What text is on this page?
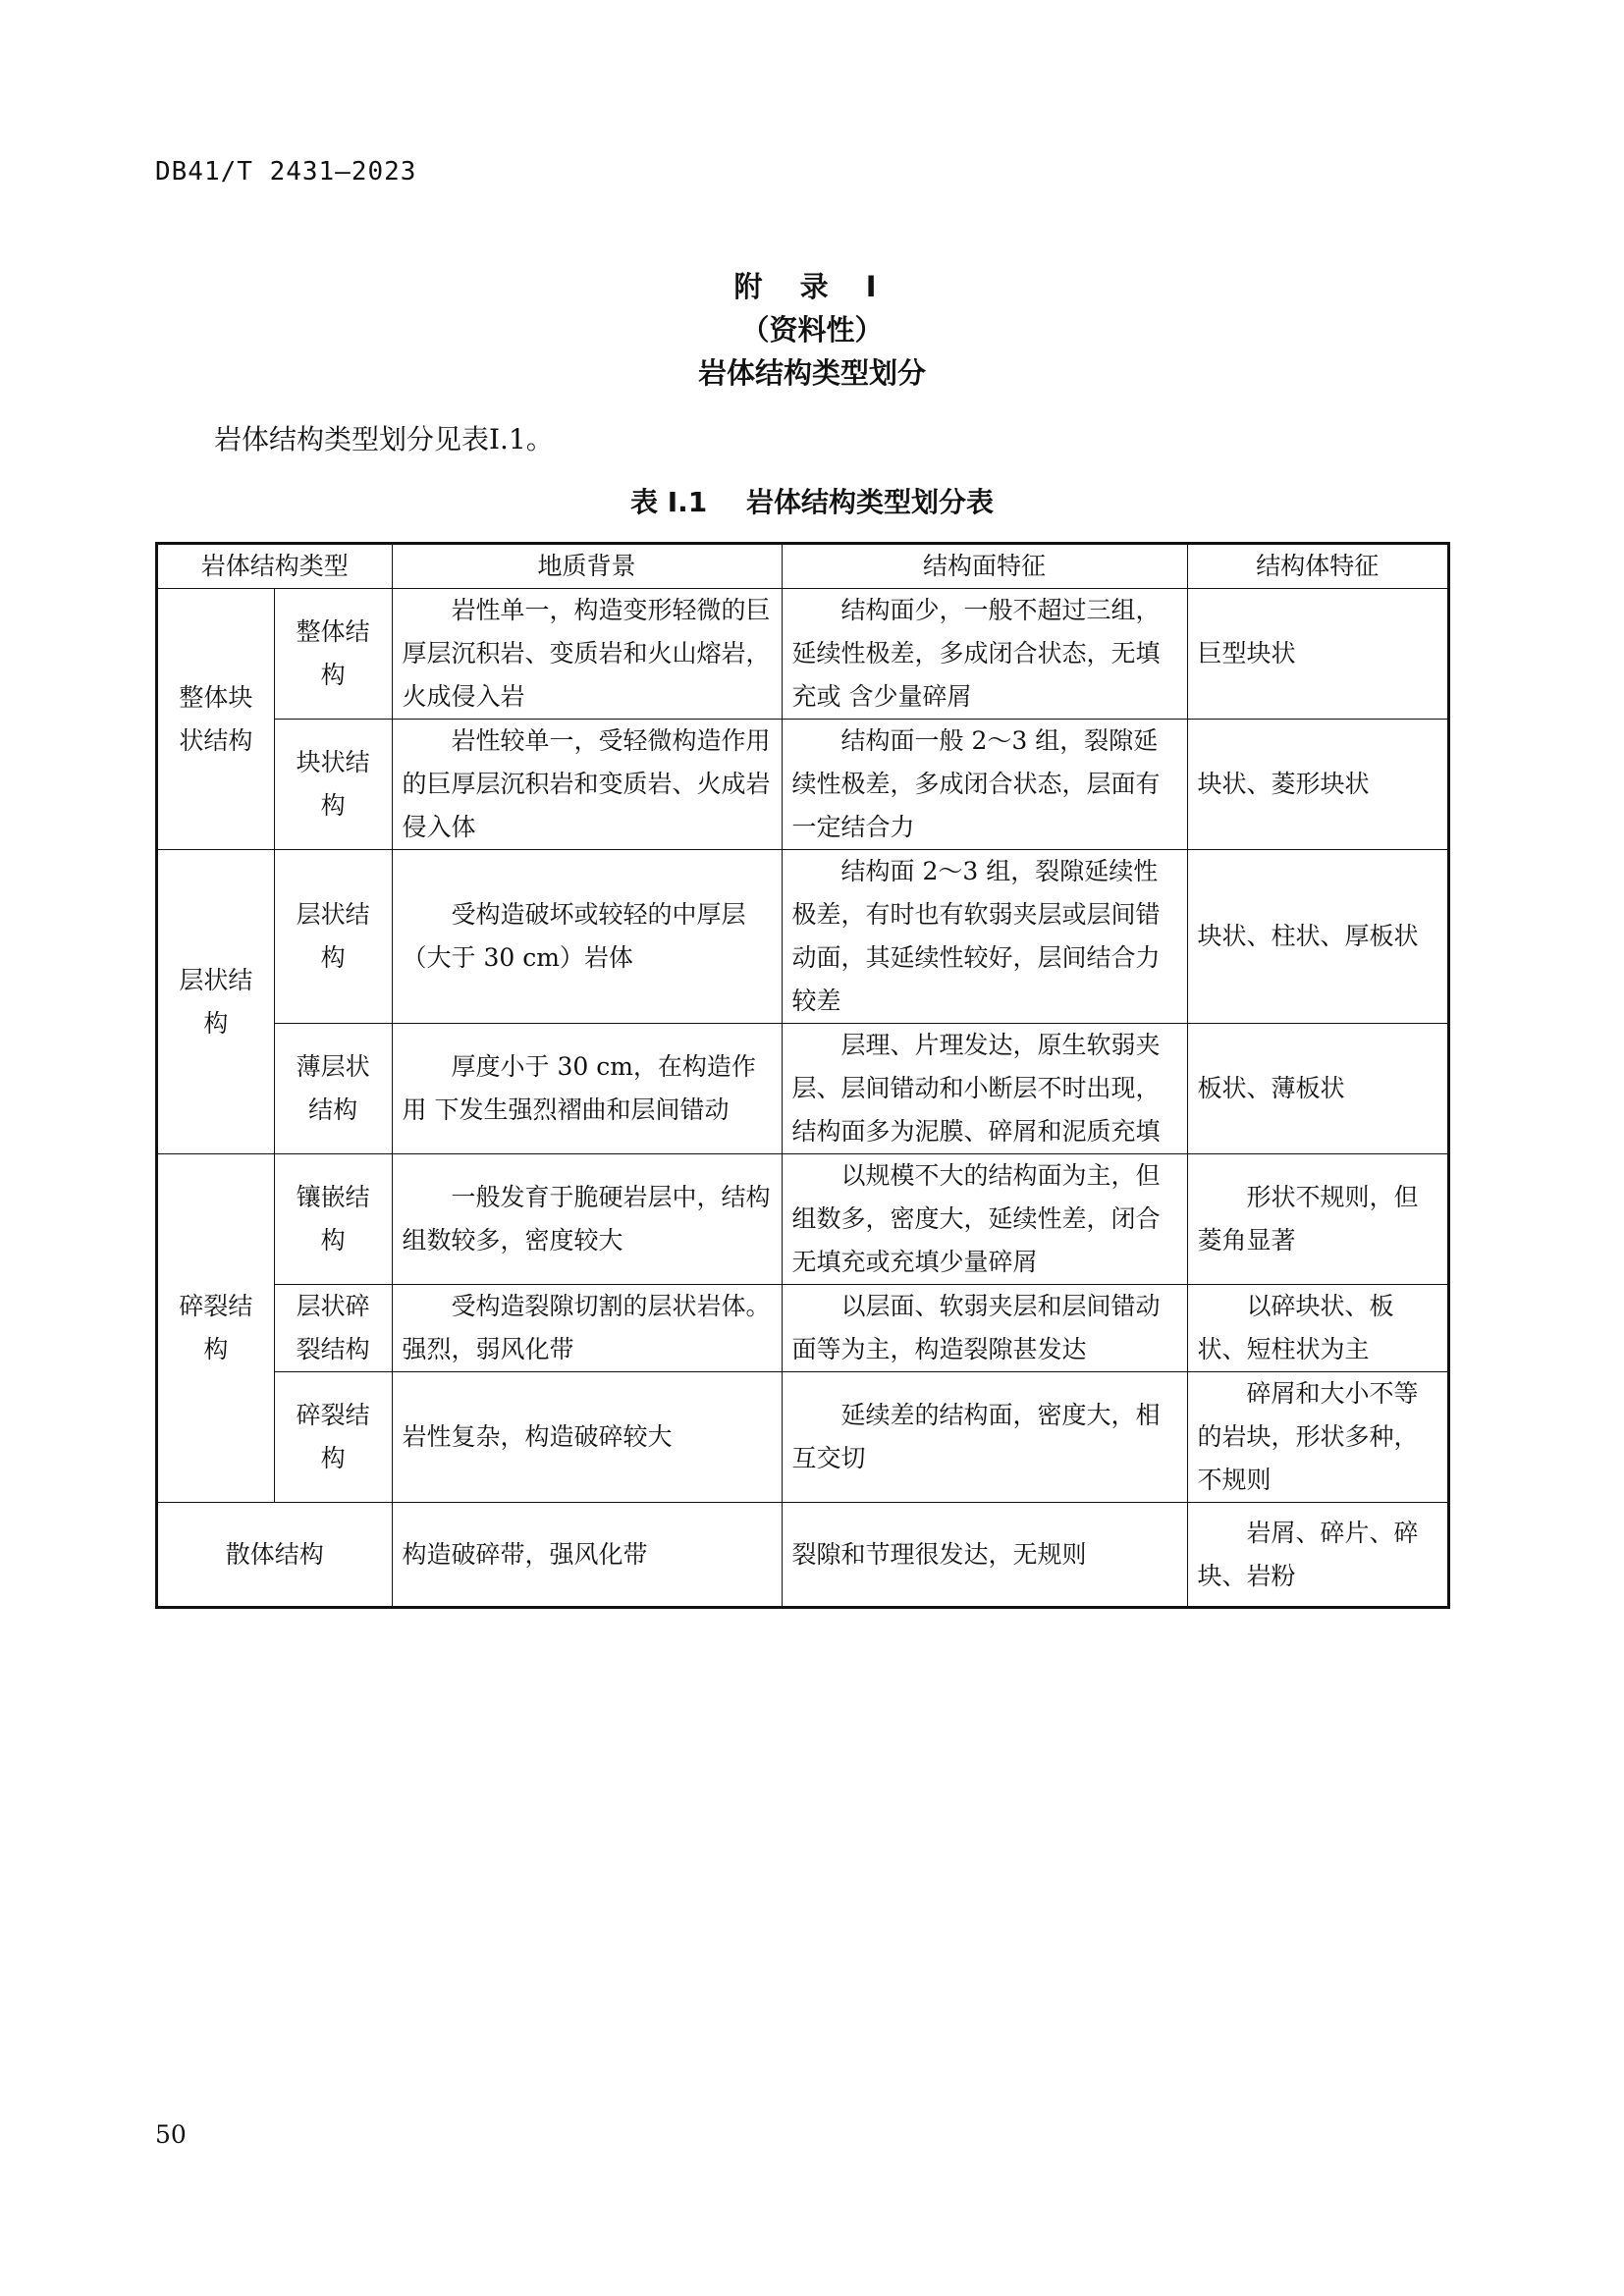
DB41/T 2431—2023
附 录 I
（资料性）
岩体结构类型划分
岩体结构类型划分见表I.1。
表 I.1 岩体结构类型划分表
岩体结构类型		地质背景	结构面特征	结构体特征
整体块状结构	整体结构	岩性单一，构造变形轻微的巨厚层沉积岩、变质岩和火山熔岩，火成侵入岩	结构面少，一般不超过三组，延续性极差，多成闭合状态，无填充或 含少量碎屑	巨型块状
	块状结构	岩性较单一，受轻微构造作用的巨厚层沉积岩和变质岩、火成岩侵入体	结构面一般 2～3 组，裂隙延续性极差，多成闭合状态，层面有一定结合力	块状、菱形块状
层状结构	层状结构	受构造破坏或较轻的中厚层（大于 30 cm）岩体	结构面 2～3 组，裂隙延续性极差，有时也有软弱夹层或层间错动面，其延续性较好，层间结合力较差	块状、柱状、厚板状
	薄层状结构	厚度小于 30 cm，在构造作用 下发生强烈褶曲和层间错动	层理、片理发达，原生软弱夹层、层间错动和小断层不时出现，结构面多为泥膜、碎屑和泥质充填	板状、薄板状
碎裂结构	镶嵌结构	一般发育于脆硬岩层中，结构组数较多，密度较大	以规模不大的结构面为主，但组数多，密度大，延续性差，闭合无填充或充填少量碎屑	形状不规则，但菱角显著
	层状碎裂结构	受构造裂隙切割的层状岩体。强烈，弱风化带	以层面、软弱夹层和层间错动面等为主，构造裂隙甚发达	以碎块状、板状、短柱状为主
	碎裂结构	岩性复杂，构造破碎较大	延续差的结构面，密度大，相互交切	碎屑和大小不等的岩块，形状多种，不规则
散体结构		构造破碎带，强风化带	裂隙和节理很发达，无规则	岩屑、碎片、碎块、岩粉
50
